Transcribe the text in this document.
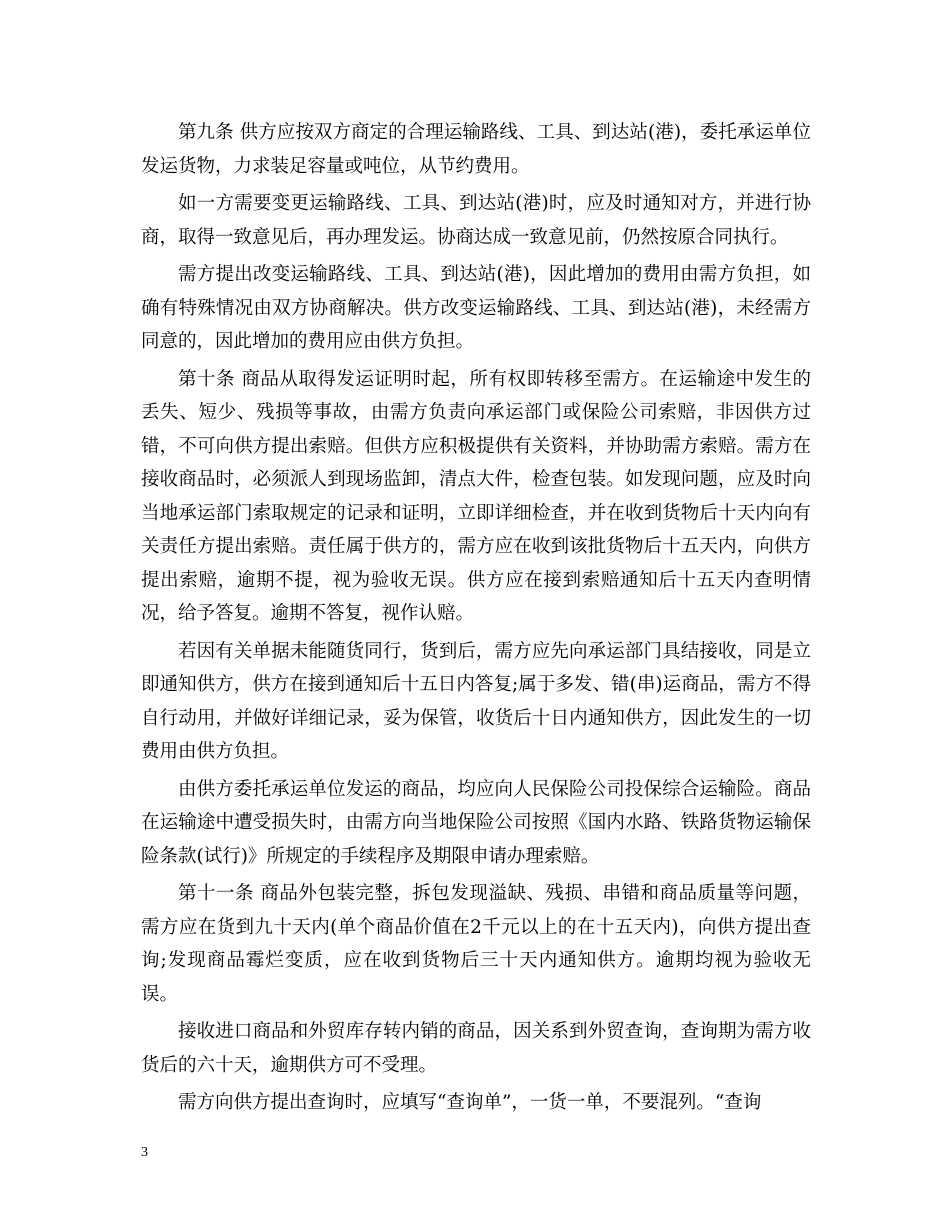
第九条 供方应按双方商定的合理运输路线、工具、到达站(港)，委托承运单位发运货物，力求装足容量或吨位，从节约费用。

如一方需要变更运输路线、工具、到达站(港)时，应及时通知对方，并进行协商，取得一致意见后，再办理发运。协商达成一致意见前，仍然按原合同执行。

需方提出改变运输路线、工具、到达站(港)，因此增加的费用由需方负担，如确有特殊情况由双方协商解决。供方改变运输路线、工具、到达站(港)，未经需方同意的，因此增加的费用应由供方负担。

第十条 商品从取得发运证明时起，所有权即转移至需方。在运输途中发生的丢失、短少、残损等事故，由需方负责向承运部门或保险公司索赔，非因供方过错，不可向供方提出索赔。但供方应积极提供有关资料，并协助需方索赔。需方在接收商品时，必须派人到现场监卸，清点大件，检查包装。如发现问题，应及时向当地承运部门索取规定的记录和证明，立即详细检查，并在收到货物后十天内向有关责任方提出索赔。责任属于供方的，需方应在收到该批货物后十五天内，向供方提出索赔，逾期不提，视为验收无误。供方应在接到索赔通知后十五天内查明情况，给予答复。逾期不答复，视作认赔。

若因有关单据未能随货同行，货到后，需方应先向承运部门具结接收，同是立即通知供方，供方在接到通知后十五日内答复;属于多发、错(串)运商品，需方不得自行动用，并做好详细记录，妥为保管，收货后十日内通知供方，因此发生的一切费用由供方负担。

由供方委托承运单位发运的商品，均应向人民保险公司投保综合运输险。商品在运输途中遭受损失时，由需方向当地保险公司按照《国内水路、铁路货物运输保险条款(试行)》所规定的手续程序及期限申请办理索赔。

第十一条 商品外包装完整，拆包发现溢缺、残损、串错和商品质量等问题，需方应在货到九十天内(单个商品价值在2千元以上的在十五天内)，向供方提出查询;发现商品霉烂变质，应在收到货物后三十天内通知供方。逾期均视为验收无误。

接收进口商品和外贸库存转内销的商品，因关系到外贸查询，查询期为需方收货后的六十天，逾期供方可不受理。

需方向供方提出查询时，应填写“查询单”，一货一单，不要混列。“查询

3
